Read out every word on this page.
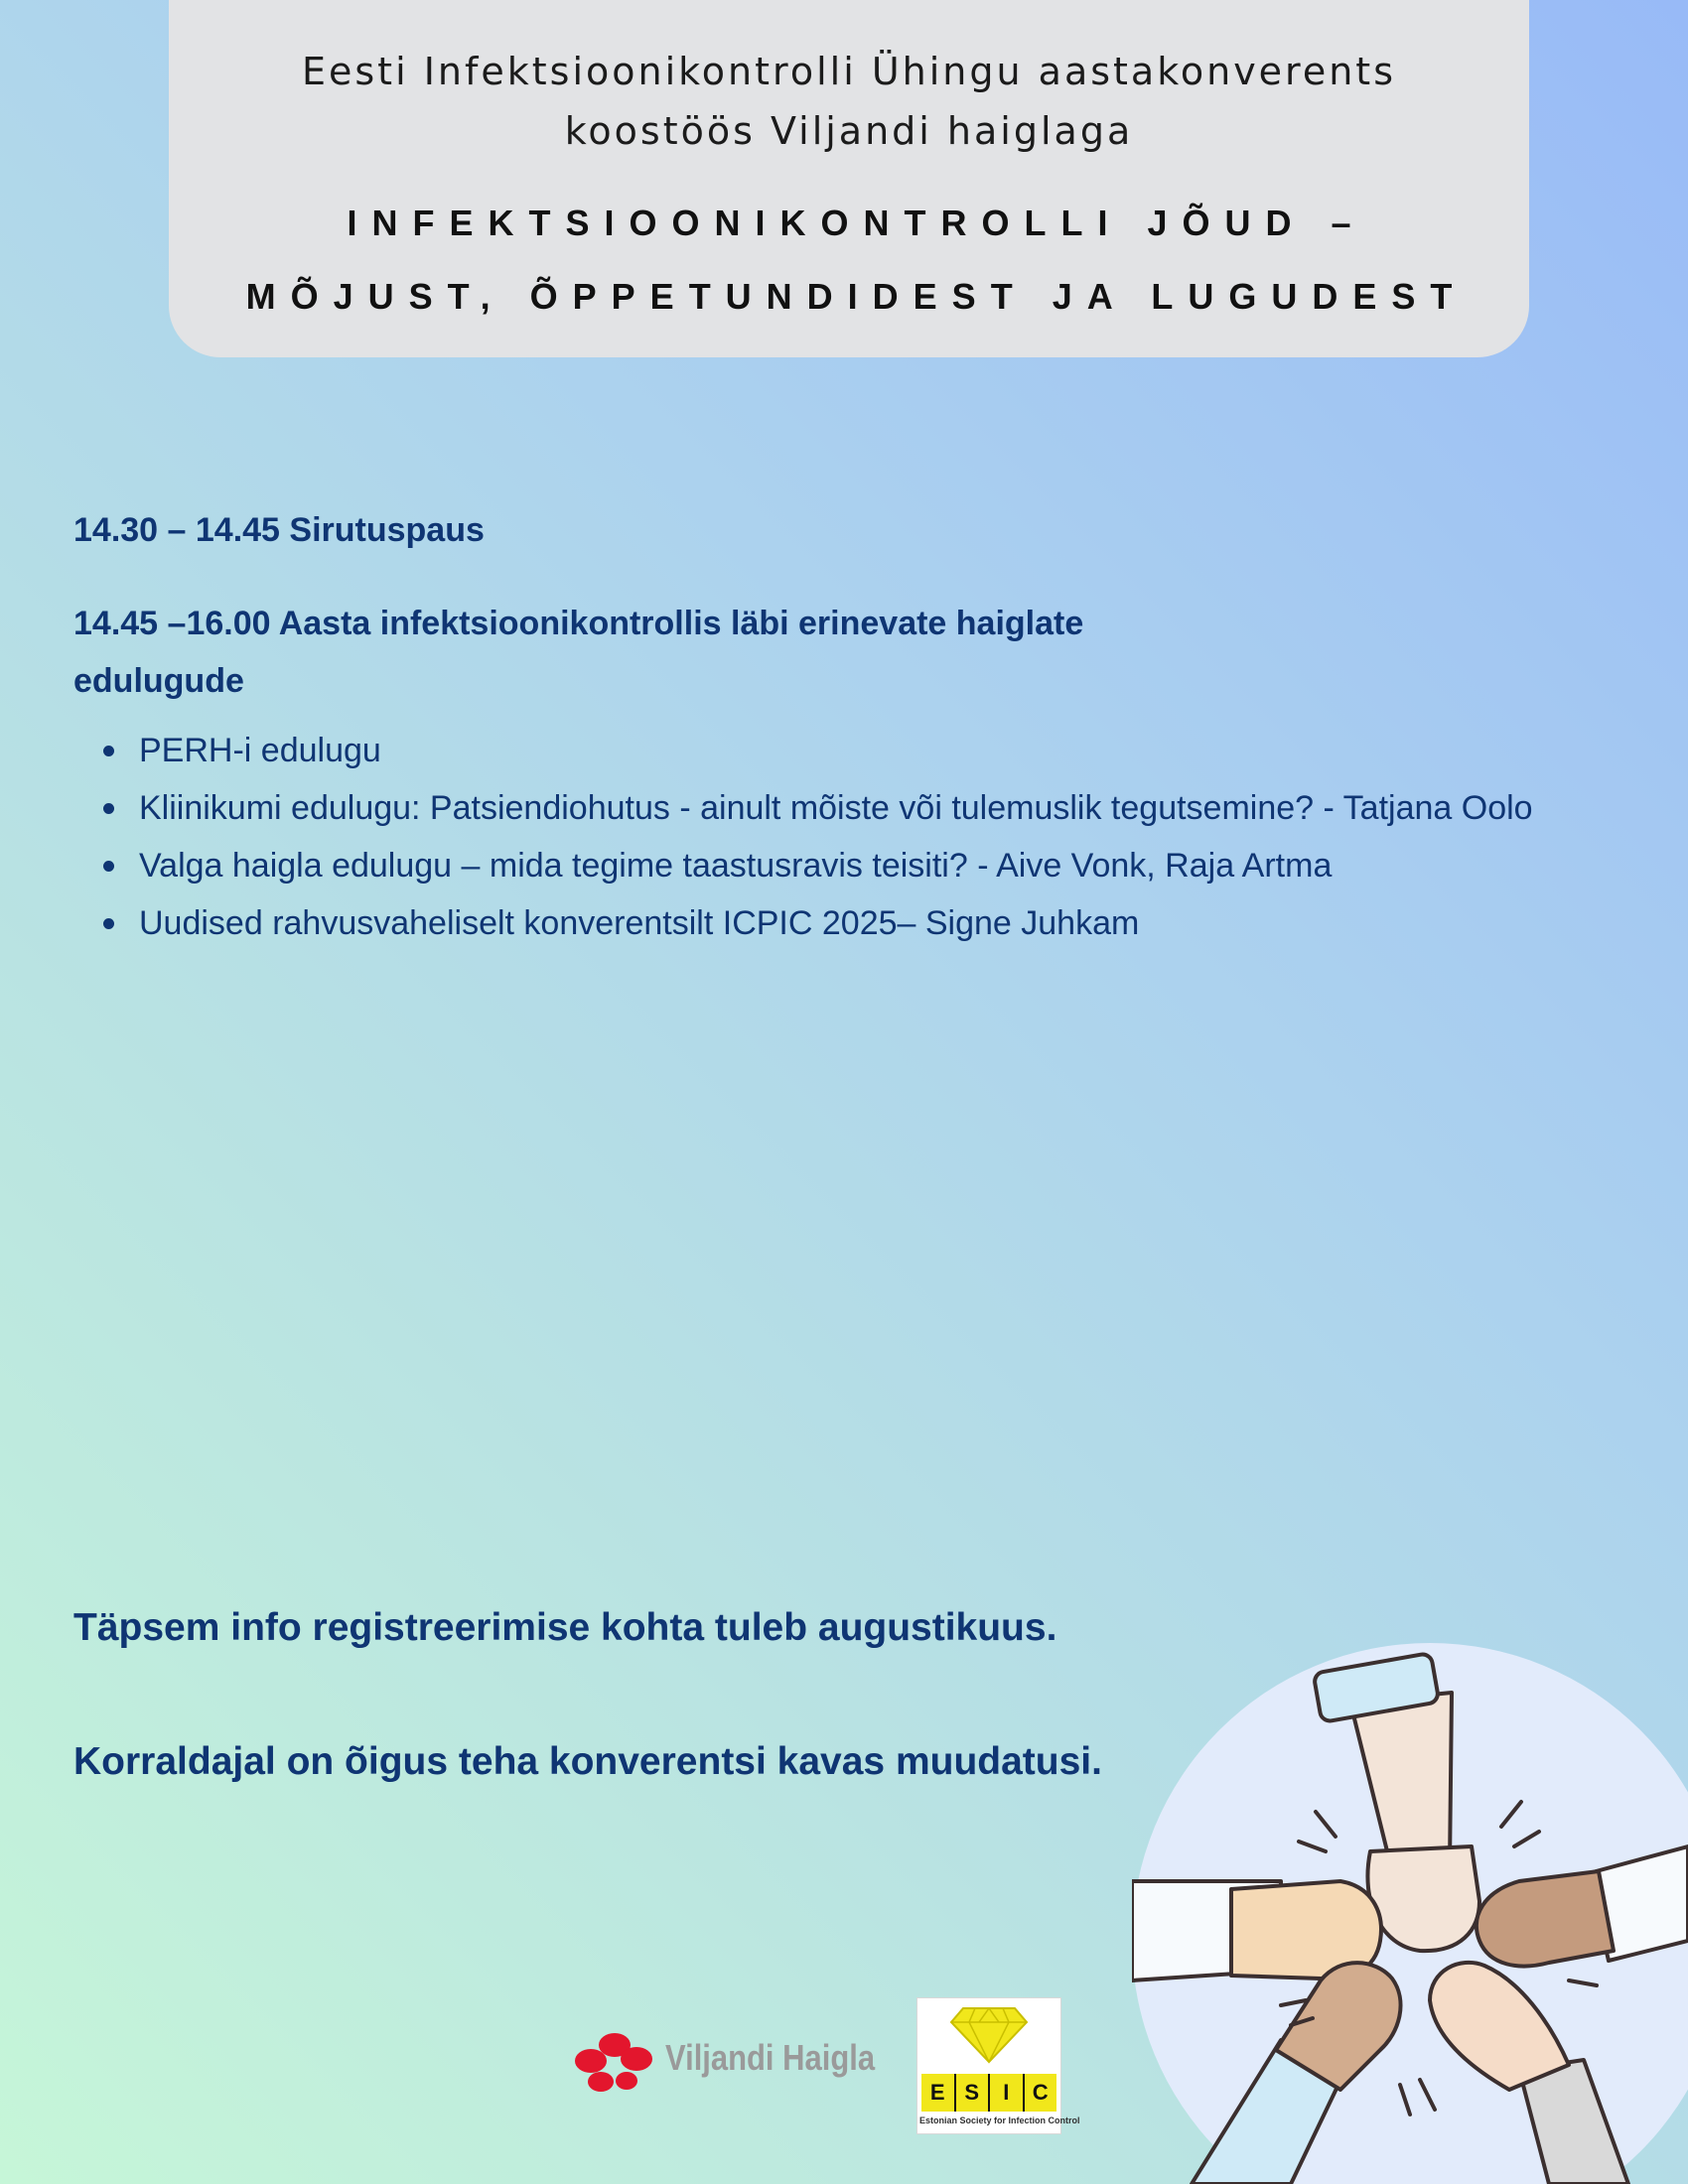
Eesti Infektsioonikontrolli Ühingu aastakonverents
koostöös Viljandi haiglaga
INFEKTSIOONIKONTROLLI JÕUD –
MÕJUST, ÕPPETUNDIDEST JA LUGUDEST

14.30 – 14.45 Sirutuspaus

14.45 –16.00 Aasta infektsioonikontrollis läbi erinevate haiglate
edulugude

PERH-i edulugu
Kliinikumi edulugu: Patsiendiohutus - ainult mõiste või tulemuslik tegutsemine? - Tatjana Oolo
Valga haigla edulugu – mida tegime taastusravis teisiti? - Aive Vonk, Raja Artma
Uudised rahvusvaheliselt konverentsilt ICPIC 2025– Signe Juhkam

Täpsem info registreerimise kohta tuleb augustikuus.

Korraldajal on õigus teha konverentsi kavas muudatusi.

Viljandi Haigla
E S	I	C
Estonian Society for Infection Control
